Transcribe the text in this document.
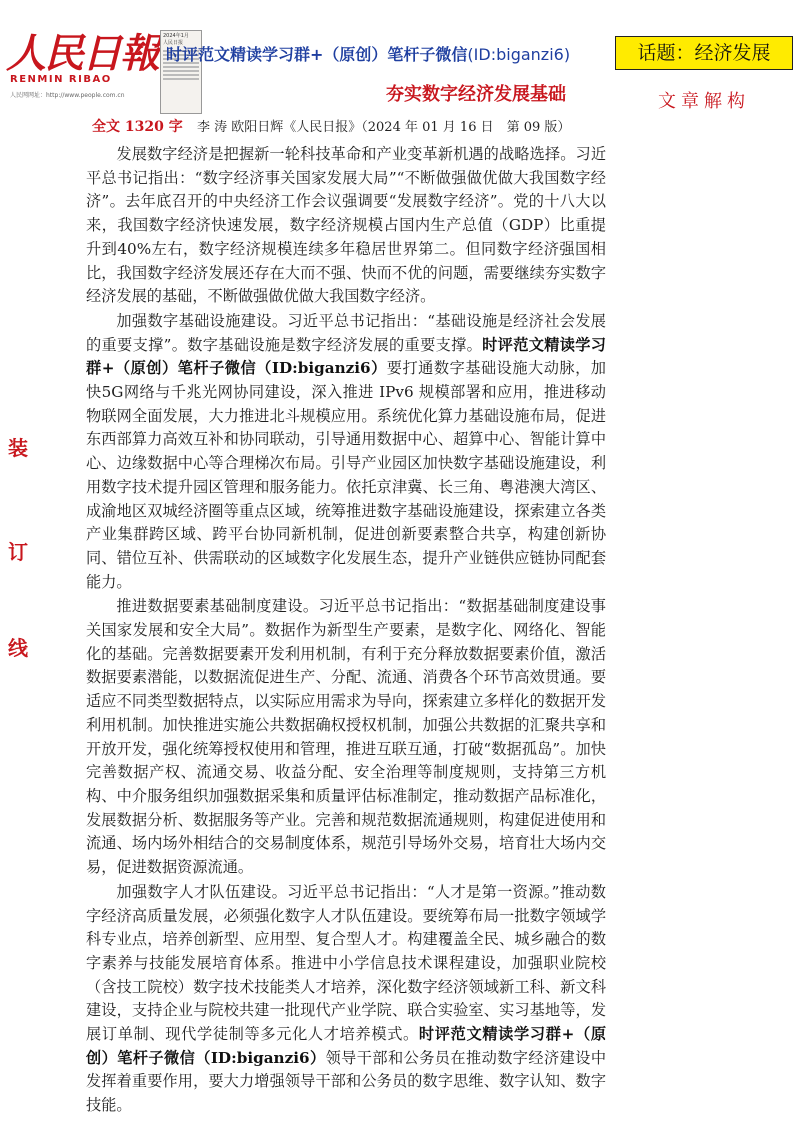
人民日報
RENMIN RIBAO
人民网网址：http://www.people.com.cn
2024年1月
人民日报
时评范文精读学习群+（原创）笔杆子微信(ID:biganzi6)	话题：经济发展
夯实数字经济发展基础	文章解构
全文 1320 字 李 涛 欧阳日辉《人民日报》（2024 年 01 月 16 日　第 09 版）
装
订
线

发展数字经济是把握新一轮科技革命和产业变革新机遇的战略选择。习近平总书记指出：“数字经济事关国家发展大局”“不断做强做优做大我国数字经济”。去年底召开的中央经济工作会议强调要“发展数字经济”。党的十八大以来，我国数字经济快速发展，数字经济规模占国内生产总值（GDP）比重提升到40%左右，数字经济规模连续多年稳居世界第二。但同数字经济强国相比，我国数字经济发展还存在大而不强、快而不优的问题，需要继续夯实数字经济发展的基础，不断做强做优做大我国数字经济。

加强数字基础设施建设。习近平总书记指出：“基础设施是经济社会发展的重要支撑”。数字基础设施是数字经济发展的重要支撑。时评范文精读学习群+（原创）笔杆子微信（ID:biganzi6）要打通数字基础设施大动脉，加快5G网络与千兆光网协同建设，深入推进 IPv6 规模部署和应用，推进移动物联网全面发展，大力推进北斗规模应用。系统优化算力基础设施布局，促进东西部算力高效互补和协同联动，引导通用数据中心、超算中心、智能计算中心、边缘数据中心等合理梯次布局。引导产业园区加快数字基础设施建设，利用数字技术提升园区管理和服务能力。依托京津冀、长三角、粤港澳大湾区、成渝地区双城经济圈等重点区域，统筹推进数字基础设施建设，探索建立各类产业集群跨区域、跨平台协同新机制，促进创新要素整合共享，构建创新协同、错位互补、供需联动的区域数字化发展生态，提升产业链供应链协同配套能力。

推进数据要素基础制度建设。习近平总书记指出：“数据基础制度建设事关国家发展和安全大局”。数据作为新型生产要素，是数字化、网络化、智能化的基础。完善数据要素开发利用机制，有利于充分释放数据要素价值，激活数据要素潜能，以数据流促进生产、分配、流通、消费各个环节高效贯通。要适应不同类型数据特点，以实际应用需求为导向，探索建立多样化的数据开发利用机制。加快推进实施公共数据确权授权机制，加强公共数据的汇聚共享和开放开发，强化统筹授权使用和管理，推进互联互通，打破“数据孤岛”。加快完善数据产权、流通交易、收益分配、安全治理等制度规则，支持第三方机构、中介服务组织加强数据采集和质量评估标准制定，推动数据产品标准化，发展数据分析、数据服务等产业。完善和规范数据流通规则，构建促进使用和流通、场内场外相结合的交易制度体系，规范引导场外交易，培育壮大场内交易，促进数据资源流通。

加强数字人才队伍建设。习近平总书记指出：“人才是第一资源。”推动数字经济高质量发展，必须强化数字人才队伍建设。要统筹布局一批数字领域学科专业点，培养创新型、应用型、复合型人才。构建覆盖全民、城乡融合的数字素养与技能发展培育体系。推进中小学信息技术课程建设，加强职业院校（含技工院校）数字技术技能类人才培养，深化数字经济领域新工科、新文科建设，支持企业与院校共建一批现代产业学院、联合实验室、实习基地等，发展订单制、现代学徒制等多元化人才培养模式。时评范文精读学习群+（原创）笔杆子微信（ID:biganzi6）领导干部和公务员在推动数字经济建设中发挥着重要作用，要大力增强领导干部和公务员的数字思维、数字认知、数字技能。
